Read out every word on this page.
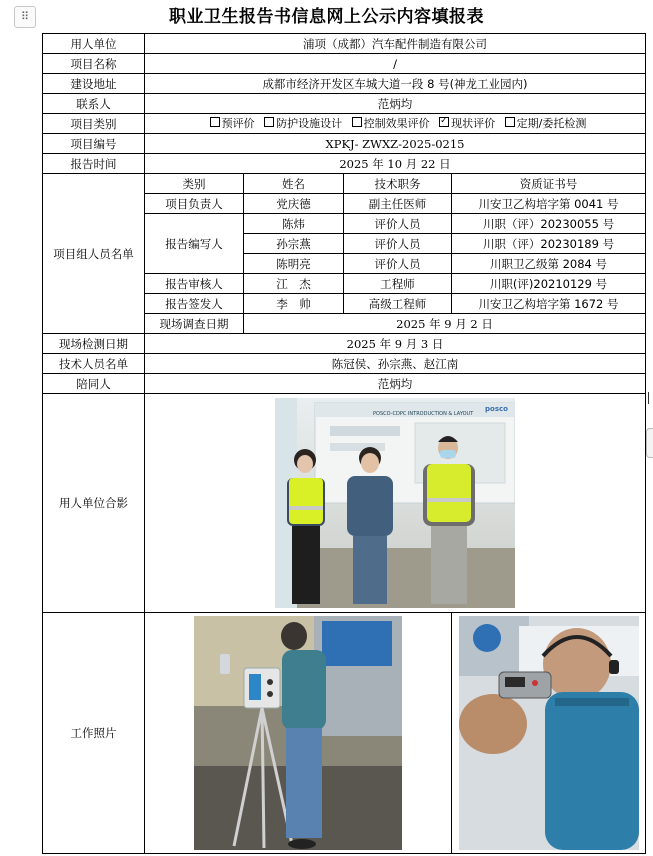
⠿	职业卫生报告书信息网上公示内容填报表
用人单位	浦项（成都）汽车配件制造有限公司			
项目名称	/			
建设地址	成都市经济开发区车城大道一段 8 号(神龙工业园内)			
联系人	范炳均			
项目类别	预评价 防护设施设计 控制效果评价 ✓ 现状评价 定期/委托检测
项目编号	XPKJ- ZWXZ-2025-0215			
报告时间	2025 年 10 月 22 日			
项目组人员名单	类别	姓名	技术职务	资质证书号
	项目负责人	党庆德	副主任医师	川安卫乙构培字第 0041 号
	报告编写人	陈炜	评价人员	川职（评）20230055 号
		孙宗燕	评价人员	川职（评）20230189 号
		陈明亮	评价人员	川职卫乙级第 2084 号
	报告审核人	江　杰	工程师	川职(评)20210129 号
	报告签发人	李　帅	高级工程师	川安卫乙构培字第 1672 号
	现场调查日期	2025 年 9 月 2 日		
现场检测日期	2025 年 9 月 3 日			
技术人员名单	陈冠侯、孙宗燕、赵江南			
陪同人	范炳均			
用人单位合影	POSCO-CDPC INTRODUCTION & LAYOUT
posco			

工作照片	
